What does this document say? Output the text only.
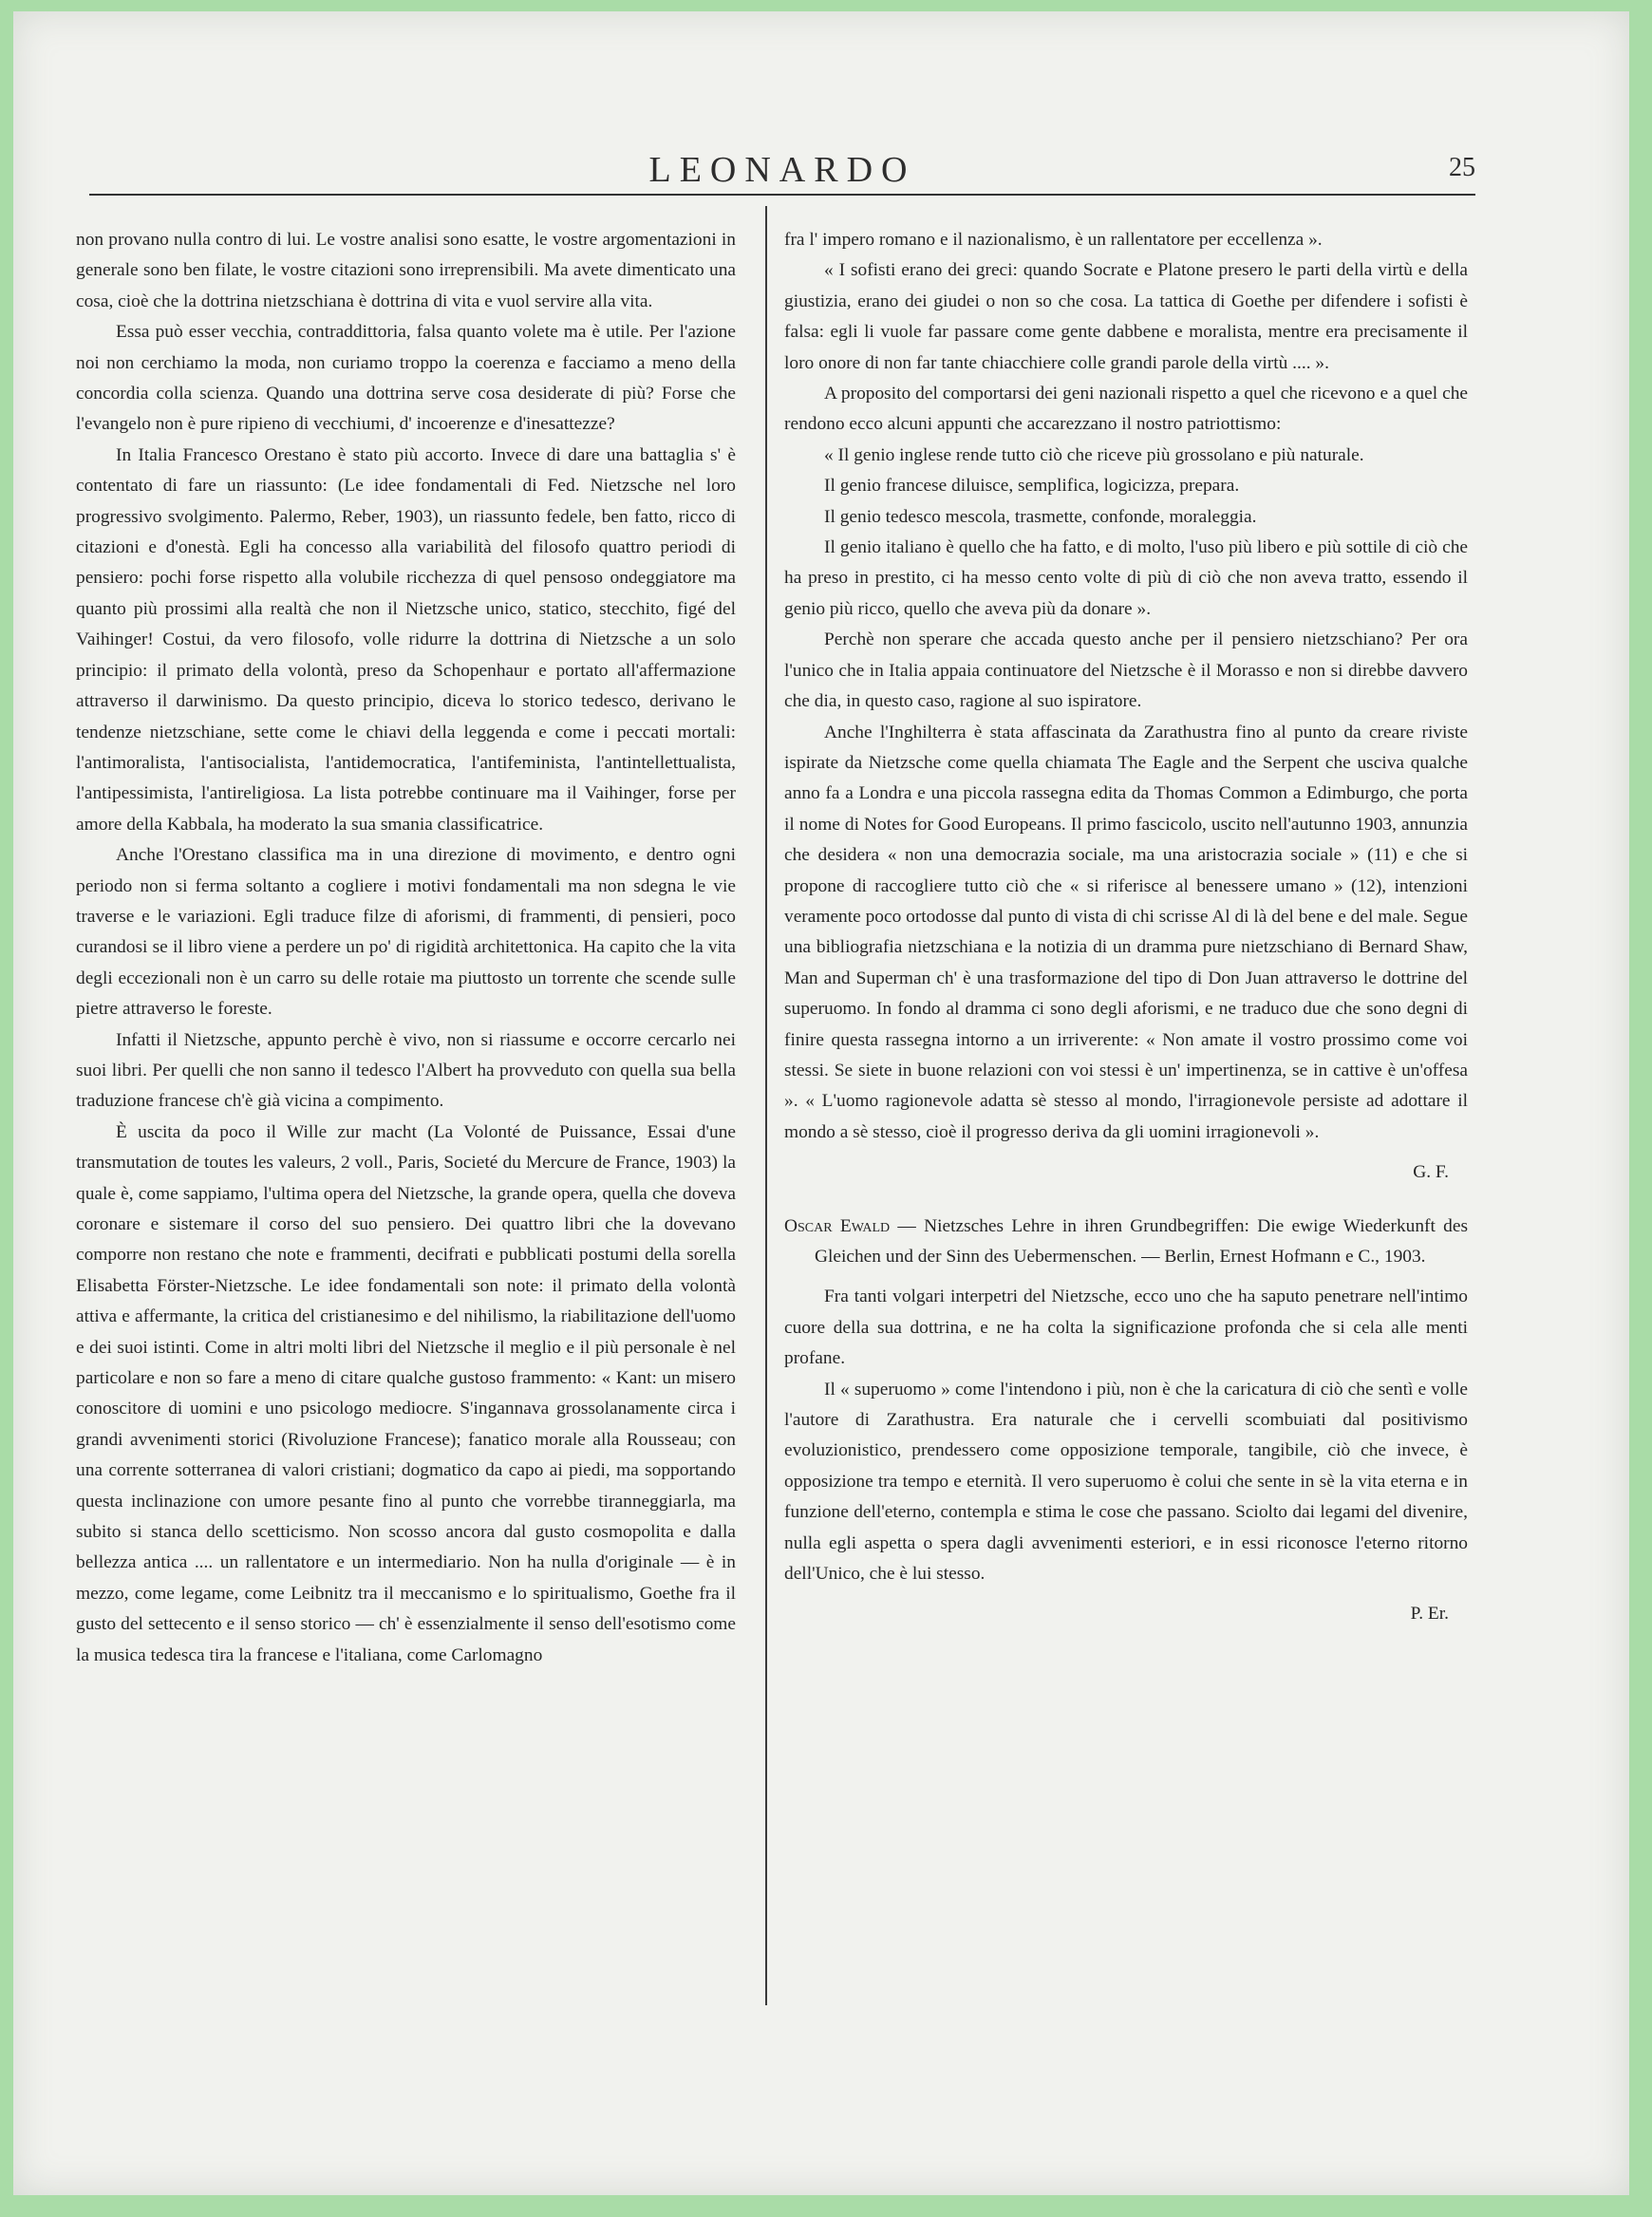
LEONARDO	25

non provano nulla contro di lui. Le vostre analisi sono esatte, le vostre argomentazioni in generale sono ben filate, le vostre citazioni sono irreprensibili. Ma avete dimenticato una cosa, cioè che la dottrina nietzschiana è dottrina di vita e vuol servire alla vita.

Essa può esser vecchia, contraddittoria, falsa quanto volete ma è utile. Per l'azione noi non cerchiamo la moda, non curiamo troppo la coerenza e facciamo a meno della concordia colla scienza. Quando una dottrina serve cosa desiderate di più? Forse che l'evangelo non è pure ripieno di vecchiumi, d' incoerenze e d'inesattezze?

In Italia Francesco Orestano è stato più accorto. Invece di dare una battaglia s' è contentato di fare un riassunto: (Le idee fondamentali di Fed. Nietzsche nel loro progressivo svolgimento. Palermo, Reber, 1903), un riassunto fedele, ben fatto, ricco di citazioni e d'onestà. Egli ha concesso alla variabilità del filosofo quattro periodi di pensiero: pochi forse rispetto alla volubile ricchezza di quel pensoso ondeggiatore ma quanto più prossimi alla realtà che non il Nietzsche unico, statico, stecchito, figé del Vaihinger! Costui, da vero filosofo, volle ridurre la dottrina di Nietzsche a un solo principio: il primato della volontà, preso da Schopenhaur e portato all'affermazione attraverso il darwinismo. Da questo principio, diceva lo storico tedesco, derivano le tendenze nietzschiane, sette come le chiavi della leggenda e come i peccati mortali: l'antimoralista, l'antisocialista, l'antidemocratica, l'antifeminista, l'antintellettualista, l'antipessimista, l'antireligiosa. La lista potrebbe continuare ma il Vaihinger, forse per amore della Kabbala, ha moderato la sua smania classificatrice.

Anche l'Orestano classifica ma in una direzione di movimento, e dentro ogni periodo non si ferma soltanto a cogliere i motivi fondamentali ma non sdegna le vie traverse e le variazioni. Egli traduce filze di aforismi, di frammenti, di pensieri, poco curandosi se il libro viene a perdere un po' di rigidità architettonica. Ha capito che la vita degli eccezionali non è un carro su delle rotaie ma piuttosto un torrente che scende sulle pietre attraverso le foreste.

Infatti il Nietzsche, appunto perchè è vivo, non si riassume e occorre cercarlo nei suoi libri. Per quelli che non sanno il tedesco l'Albert ha provveduto con quella sua bella traduzione francese ch'è già vicina a compimento.

È uscita da poco il Wille zur macht (La Volonté de Puissance, Essai d'une transmutation de toutes les valeurs, 2 voll., Paris, Societé du Mercure de France, 1903) la quale è, come sappiamo, l'ultima opera del Nietzsche, la grande opera, quella che doveva coronare e sistemare il corso del suo pensiero. Dei quattro libri che la dovevano comporre non restano che note e frammenti, decifrati e pubblicati postumi della sorella Elisabetta Förster-Nietzsche. Le idee fondamentali son note: il primato della volontà attiva e affermante, la critica del cristianesimo e del nihilismo, la riabilitazione dell'uomo e dei suoi istinti. Come in altri molti libri del Nietzsche il meglio e il più personale è nel particolare e non so fare a meno di citare qualche gustoso frammento: « Kant: un misero conoscitore di uomini e uno psicologo mediocre. S'ingannava grossolanamente circa i grandi avvenimenti storici (Rivoluzione Francese); fanatico morale alla Rousseau; con una corrente sotterranea di valori cristiani; dogmatico da capo ai piedi, ma sopportando questa inclinazione con umore pesante fino al punto che vorrebbe tiranneggiarla, ma subito si stanca dello scetticismo. Non scosso ancora dal gusto cosmopolita e dalla bellezza antica .... un rallentatore e un intermediario. Non ha nulla d'originale — è in mezzo, come legame, come Leibnitz tra il meccanismo e lo spiritualismo, Goethe fra il gusto del settecento e il senso storico — ch' è essenzialmente il senso dell'esotismo come la musica tedesca tira la francese e l'italiana, come Carlomagno

fra l' impero romano e il nazionalismo, è un rallentatore per eccellenza ».

« I sofisti erano dei greci: quando Socrate e Platone presero le parti della virtù e della giustizia, erano dei giudei o non so che cosa. La tattica di Goethe per difendere i sofisti è falsa: egli li vuole far passare come gente dabbene e moralista, mentre era precisamente il loro onore di non far tante chiacchiere colle grandi parole della virtù .... ».

A proposito del comportarsi dei geni nazionali rispetto a quel che ricevono e a quel che rendono ecco alcuni appunti che accarezzano il nostro patriottismo:

« Il genio inglese rende tutto ciò che riceve più grossolano e più naturale.

Il genio francese diluisce, semplifica, logicizza, prepara.

Il genio tedesco mescola, trasmette, confonde, moraleggia.

Il genio italiano è quello che ha fatto, e di molto, l'uso più libero e più sottile di ciò che ha preso in prestito, ci ha messo cento volte di più di ciò che non aveva tratto, essendo il genio più ricco, quello che aveva più da donare ».

Perchè non sperare che accada questo anche per il pensiero nietzschiano? Per ora l'unico che in Italia appaia continuatore del Nietzsche è il Morasso e non si direbbe davvero che dia, in questo caso, ragione al suo ispiratore.

Anche l'Inghilterra è stata affascinata da Zarathustra fino al punto da creare riviste ispirate da Nietzsche come quella chiamata The Eagle and the Serpent che usciva qualche anno fa a Londra e una piccola rassegna edita da Thomas Common a Edimburgo, che porta il nome di Notes for Good Europeans. Il primo fascicolo, uscito nell'autunno 1903, annunzia che desidera « non una democrazia sociale, ma una aristocrazia sociale » (11) e che si propone di raccogliere tutto ciò che « si riferisce al benessere umano » (12), intenzioni veramente poco ortodosse dal punto di vista di chi scrisse Al di là del bene e del male. Segue una bibliografia nietzschiana e la notizia di un dramma pure nietzschiano di Bernard Shaw, Man and Superman ch' è una trasformazione del tipo di Don Juan attraverso le dottrine del superuomo. In fondo al dramma ci sono degli aforismi, e ne traduco due che sono degni di finire questa rassegna intorno a un irriverente: « Non amate il vostro prossimo come voi stessi. Se siete in buone relazioni con voi stessi è un' impertinenza, se in cattive è un'offesa ». « L'uomo ragionevole adatta sè stesso al mondo, l'irragionevole persiste ad adottare il mondo a sè stesso, cioè il progresso deriva da gli uomini irragionevoli ».

G. F.

Oscar Ewald — Nietzsches Lehre in ihren Grundbegriffen: Die ewige Wiederkunft des Gleichen und der Sinn des Uebermenschen. — Berlin, Ernest Hofmann e C., 1903.

Fra tanti volgari interpetri del Nietzsche, ecco uno che ha saputo penetrare nell'intimo cuore della sua dottrina, e ne ha colta la significazione profonda che si cela alle menti profane.

Il « superuomo » come l'intendono i più, non è che la caricatura di ciò che sentì e volle l'autore di Zarathustra. Era naturale che i cervelli scombuiati dal positivismo evoluzionistico, prendessero come opposizione temporale, tangibile, ciò che invece, è opposizione tra tempo e eternità. Il vero superuomo è colui che sente in sè la vita eterna e in funzione dell'eterno, contempla e stima le cose che passano. Sciolto dai legami del divenire, nulla egli aspetta o spera dagli avvenimenti esteriori, e in essi riconosce l'eterno ritorno dell'Unico, che è lui stesso.

P. Er.
